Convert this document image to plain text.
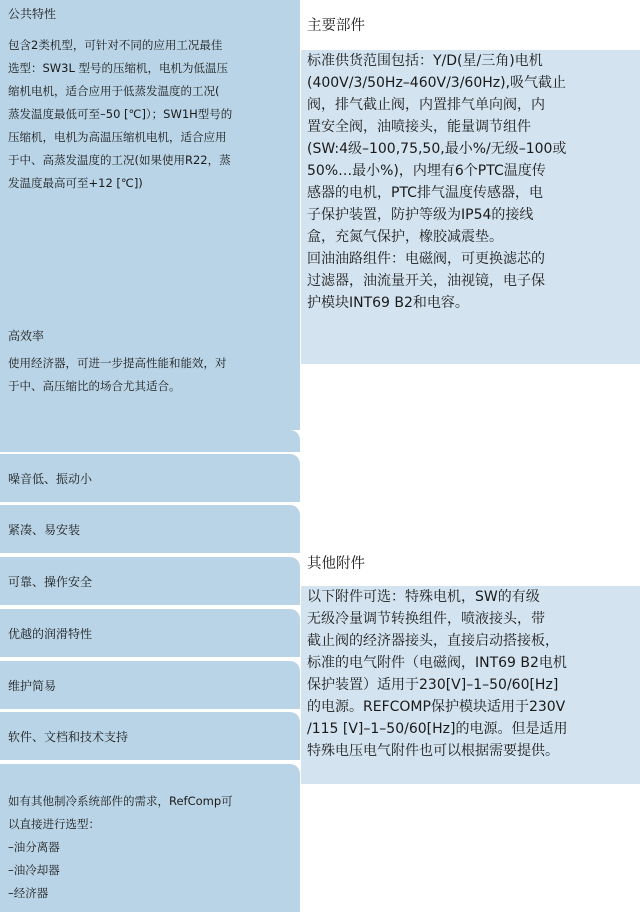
公共特性

包含2类机型，可针对不同的应用工况最佳

选型：SW3L 型号的压缩机，电机为低温压

缩机电机，适合应用于低蒸发温度的工况(

蒸发温度最低可至–50 [℃]）；SW1H型号的

压缩机，电机为高温压缩机电机，适合应用

于中、高蒸发温度的工况(如果使用R22，蒸

发温度最高可至+12 [℃])

高效率

使用经济器，可进一步提高性能和能效，对

于中、高压缩比的场合尤其适合。

噪音低、振动小
紧凑、易安装
可靠、操作安全
优越的润滑特性
维护简易
软件、文档和技术支持

如有其他制冷系统部件的需求，RefComp可

以直接进行选型：

–油分离器

–油冷却器

–经济器

主要部件

标准供货范围包括：Y/D(星/三角)电机

(400V/3/50Hz–460V/3/60Hz),吸气截止

阀，排气截止阀，内置排气单向阀，内

置安全阀，油喷接头，能量调节组件

(SW:4级–100,75,50,最小%/无级–100或

50%…最小%)，内埋有6个PTC温度传

感器的电机，PTC排气温度传感器，电

子保护装置，防护等级为IP54的接线

盒，充氮气保护，橡胶减震垫。

回油油路组件：电磁阀，可更换滤芯的

过滤器，油流量开关，油视镜，电子保

护模块INT69 B2和电容。

其他附件

以下附件可选：特殊电机，SW的有级

无级冷量调节转换组件，喷液接头，带

截止阀的经济器接头，直接启动搭接板，

标准的电气附件（电磁阀，INT69 B2电机

保护装置）适用于230[V]–1–50/60[Hz]

的电源。REFCOMP保护模块适用于230V

/115 [V]–1–50/60[Hz]的电源。但是适用

特殊电压电气附件也可以根据需要提供。
